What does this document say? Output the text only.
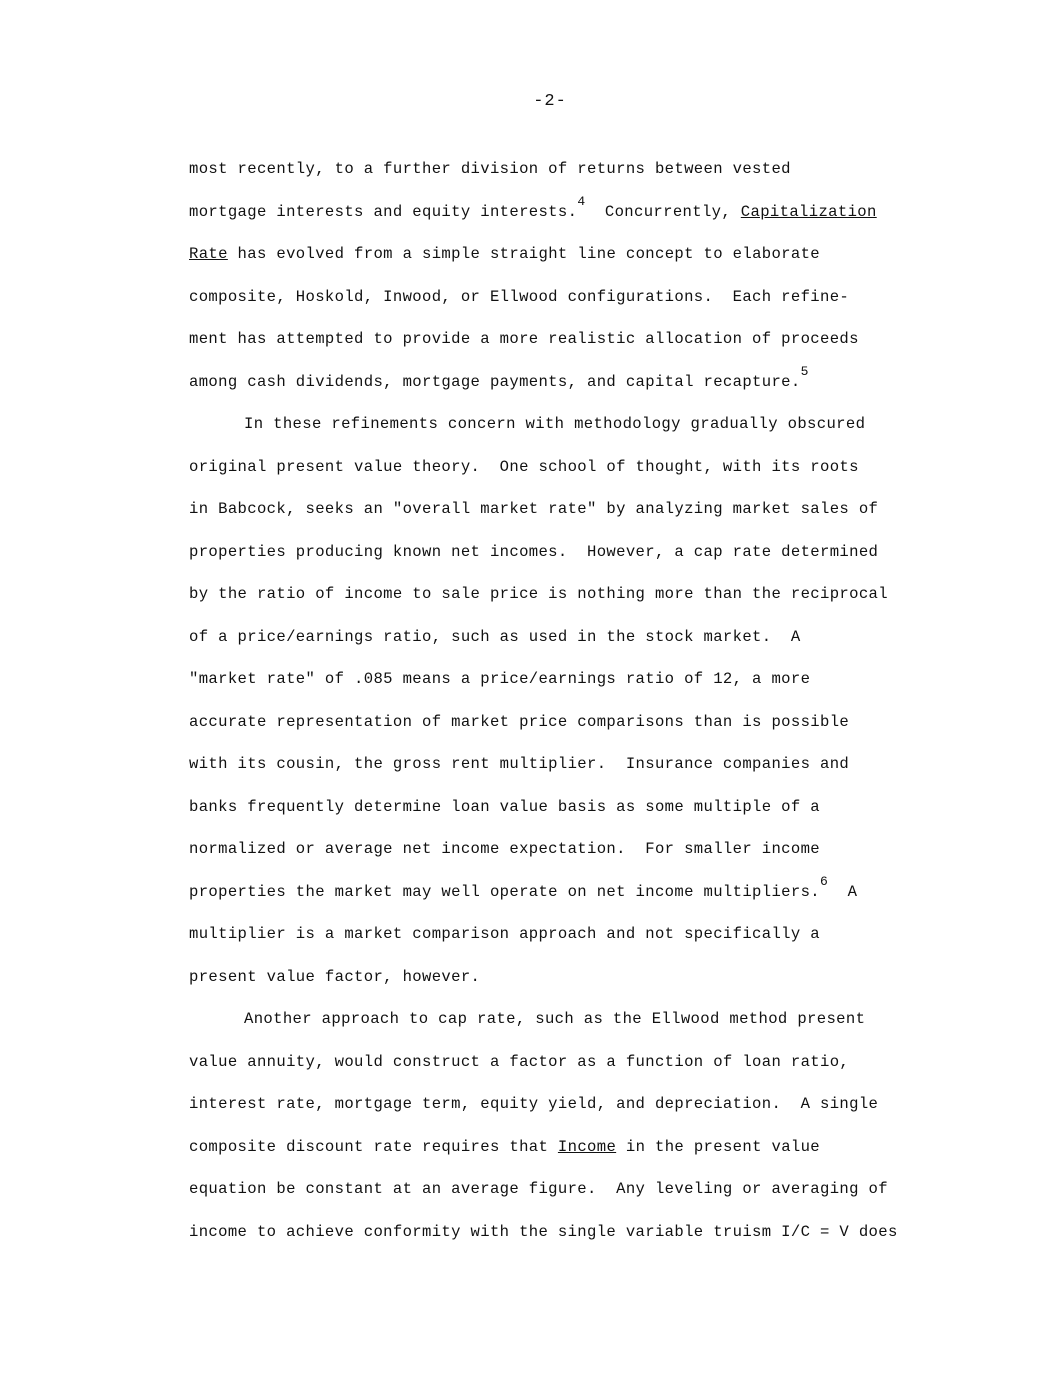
-2-
most recently, to a further division of returns between vested
mortgage interests and equity interests.$^4$  Concurrently, Capitalization
Rate has evolved from a simple straight line concept to elaborate
composite, Hoskold, Inwood, or Ellwood configurations.  Each refine-
ment has attempted to provide a more realistic allocation of proceeds
among cash dividends, mortgage payments, and capital recapture.$^5$
In these refinements concern with methodology gradually obscured
original present value theory.  One school of thought, with its roots
in Babcock, seeks an "overall market rate" by analyzing market sales of
properties producing known net incomes.  However, a cap rate determined
by the ratio of income to sale price is nothing more than the reciprocal
of a price/earnings ratio, such as used in the stock market.  A
"market rate" of .085 means a price/earnings ratio of 12, a more
accurate representation of market price comparisons than is possible
with its cousin, the gross rent multiplier.  Insurance companies and
banks frequently determine loan value basis as some multiple of a
normalized or average net income expectation.  For smaller income
properties the market may well operate on net income multipliers.$^6$  A
multiplier is a market comparison approach and not specifically a
present value factor, however.
Another approach to cap rate, such as the Ellwood method present
value annuity, would construct a factor as a function of loan ratio,
interest rate, mortgage term, equity yield, and depreciation.  A single
composite discount rate requires that Income in the present value
equation be constant at an average figure.  Any leveling or averaging of
income to achieve conformity with the single variable truism I/C = V does
